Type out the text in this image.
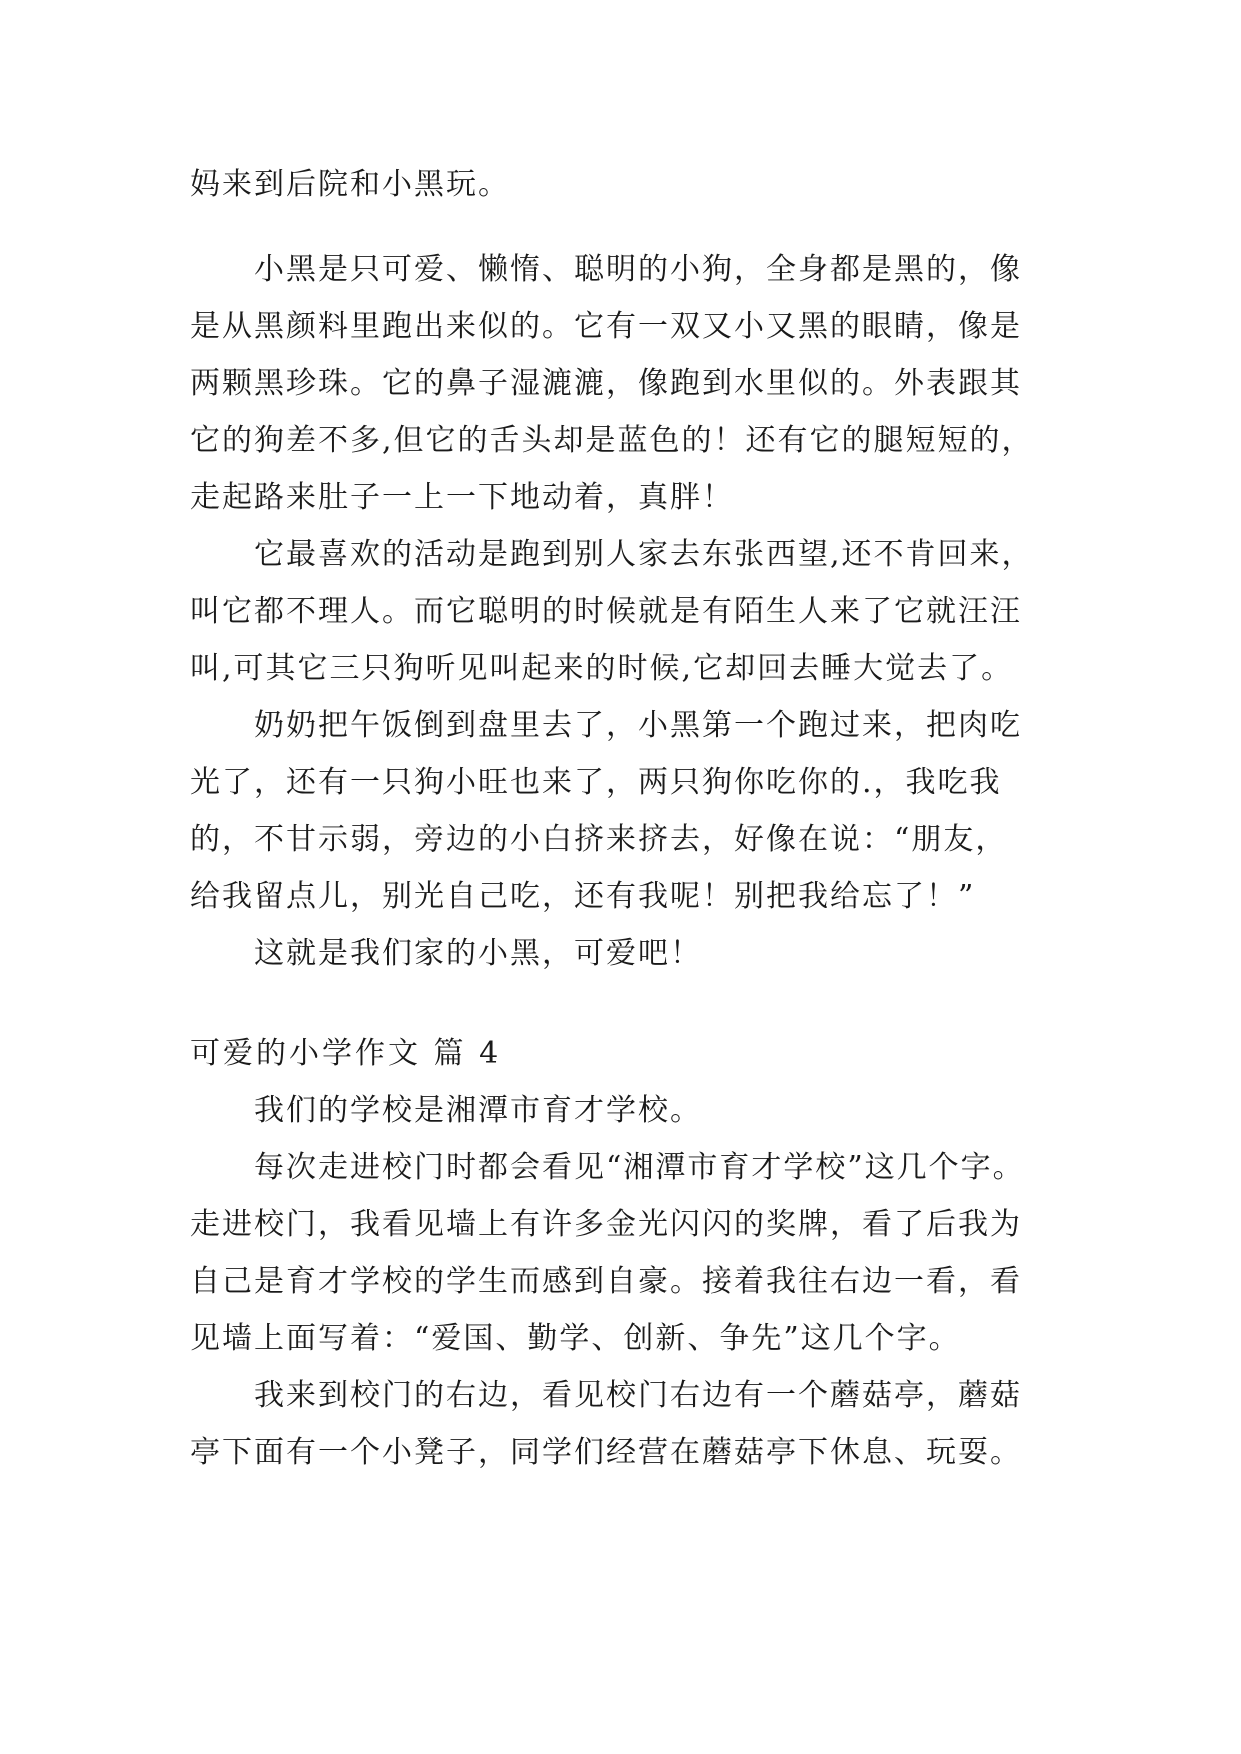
妈来到后院和小黑玩。
小黑是只可爱、懒惰、聪明的小狗，全身都是黑的，像
是从黑颜料里跑出来似的。它有一双又小又黑的眼睛，像是
两颗黑珍珠。它的鼻子湿漉漉，像跑到水里似的。外表跟其
它的狗差不多,但它的舌头却是蓝色的！还有它的腿短短的，
走起路来肚子一上一下地动着，真胖！
它最喜欢的活动是跑到别人家去东张西望,还不肯回来，
叫它都不理人。而它聪明的时候就是有陌生人来了它就汪汪
叫,可其它三只狗听见叫起来的时候,它却回去睡大觉去了。
奶奶把午饭倒到盘里去了，小黑第一个跑过来，把肉吃
光了，还有一只狗小旺也来了，两只狗你吃你的.，我吃我
的，不甘示弱，旁边的小白挤来挤去，好像在说：“朋友，
给我留点儿，别光自己吃，还有我呢！别把我给忘了！”
这就是我们家的小黑，可爱吧！
可爱的小学作文 篇 4
我们的学校是湘潭市育才学校。
每次走进校门时都会看见“湘潭市育才学校”这几个字。
走进校门，我看见墙上有许多金光闪闪的奖牌，看了后我为
自己是育才学校的学生而感到自豪。接着我往右边一看，看
见墙上面写着：“爱国、勤学、创新、争先”这几个字。
我来到校门的右边，看见校门右边有一个蘑菇亭，蘑菇
亭下面有一个小凳子，同学们经营在蘑菇亭下休息、玩耍。
